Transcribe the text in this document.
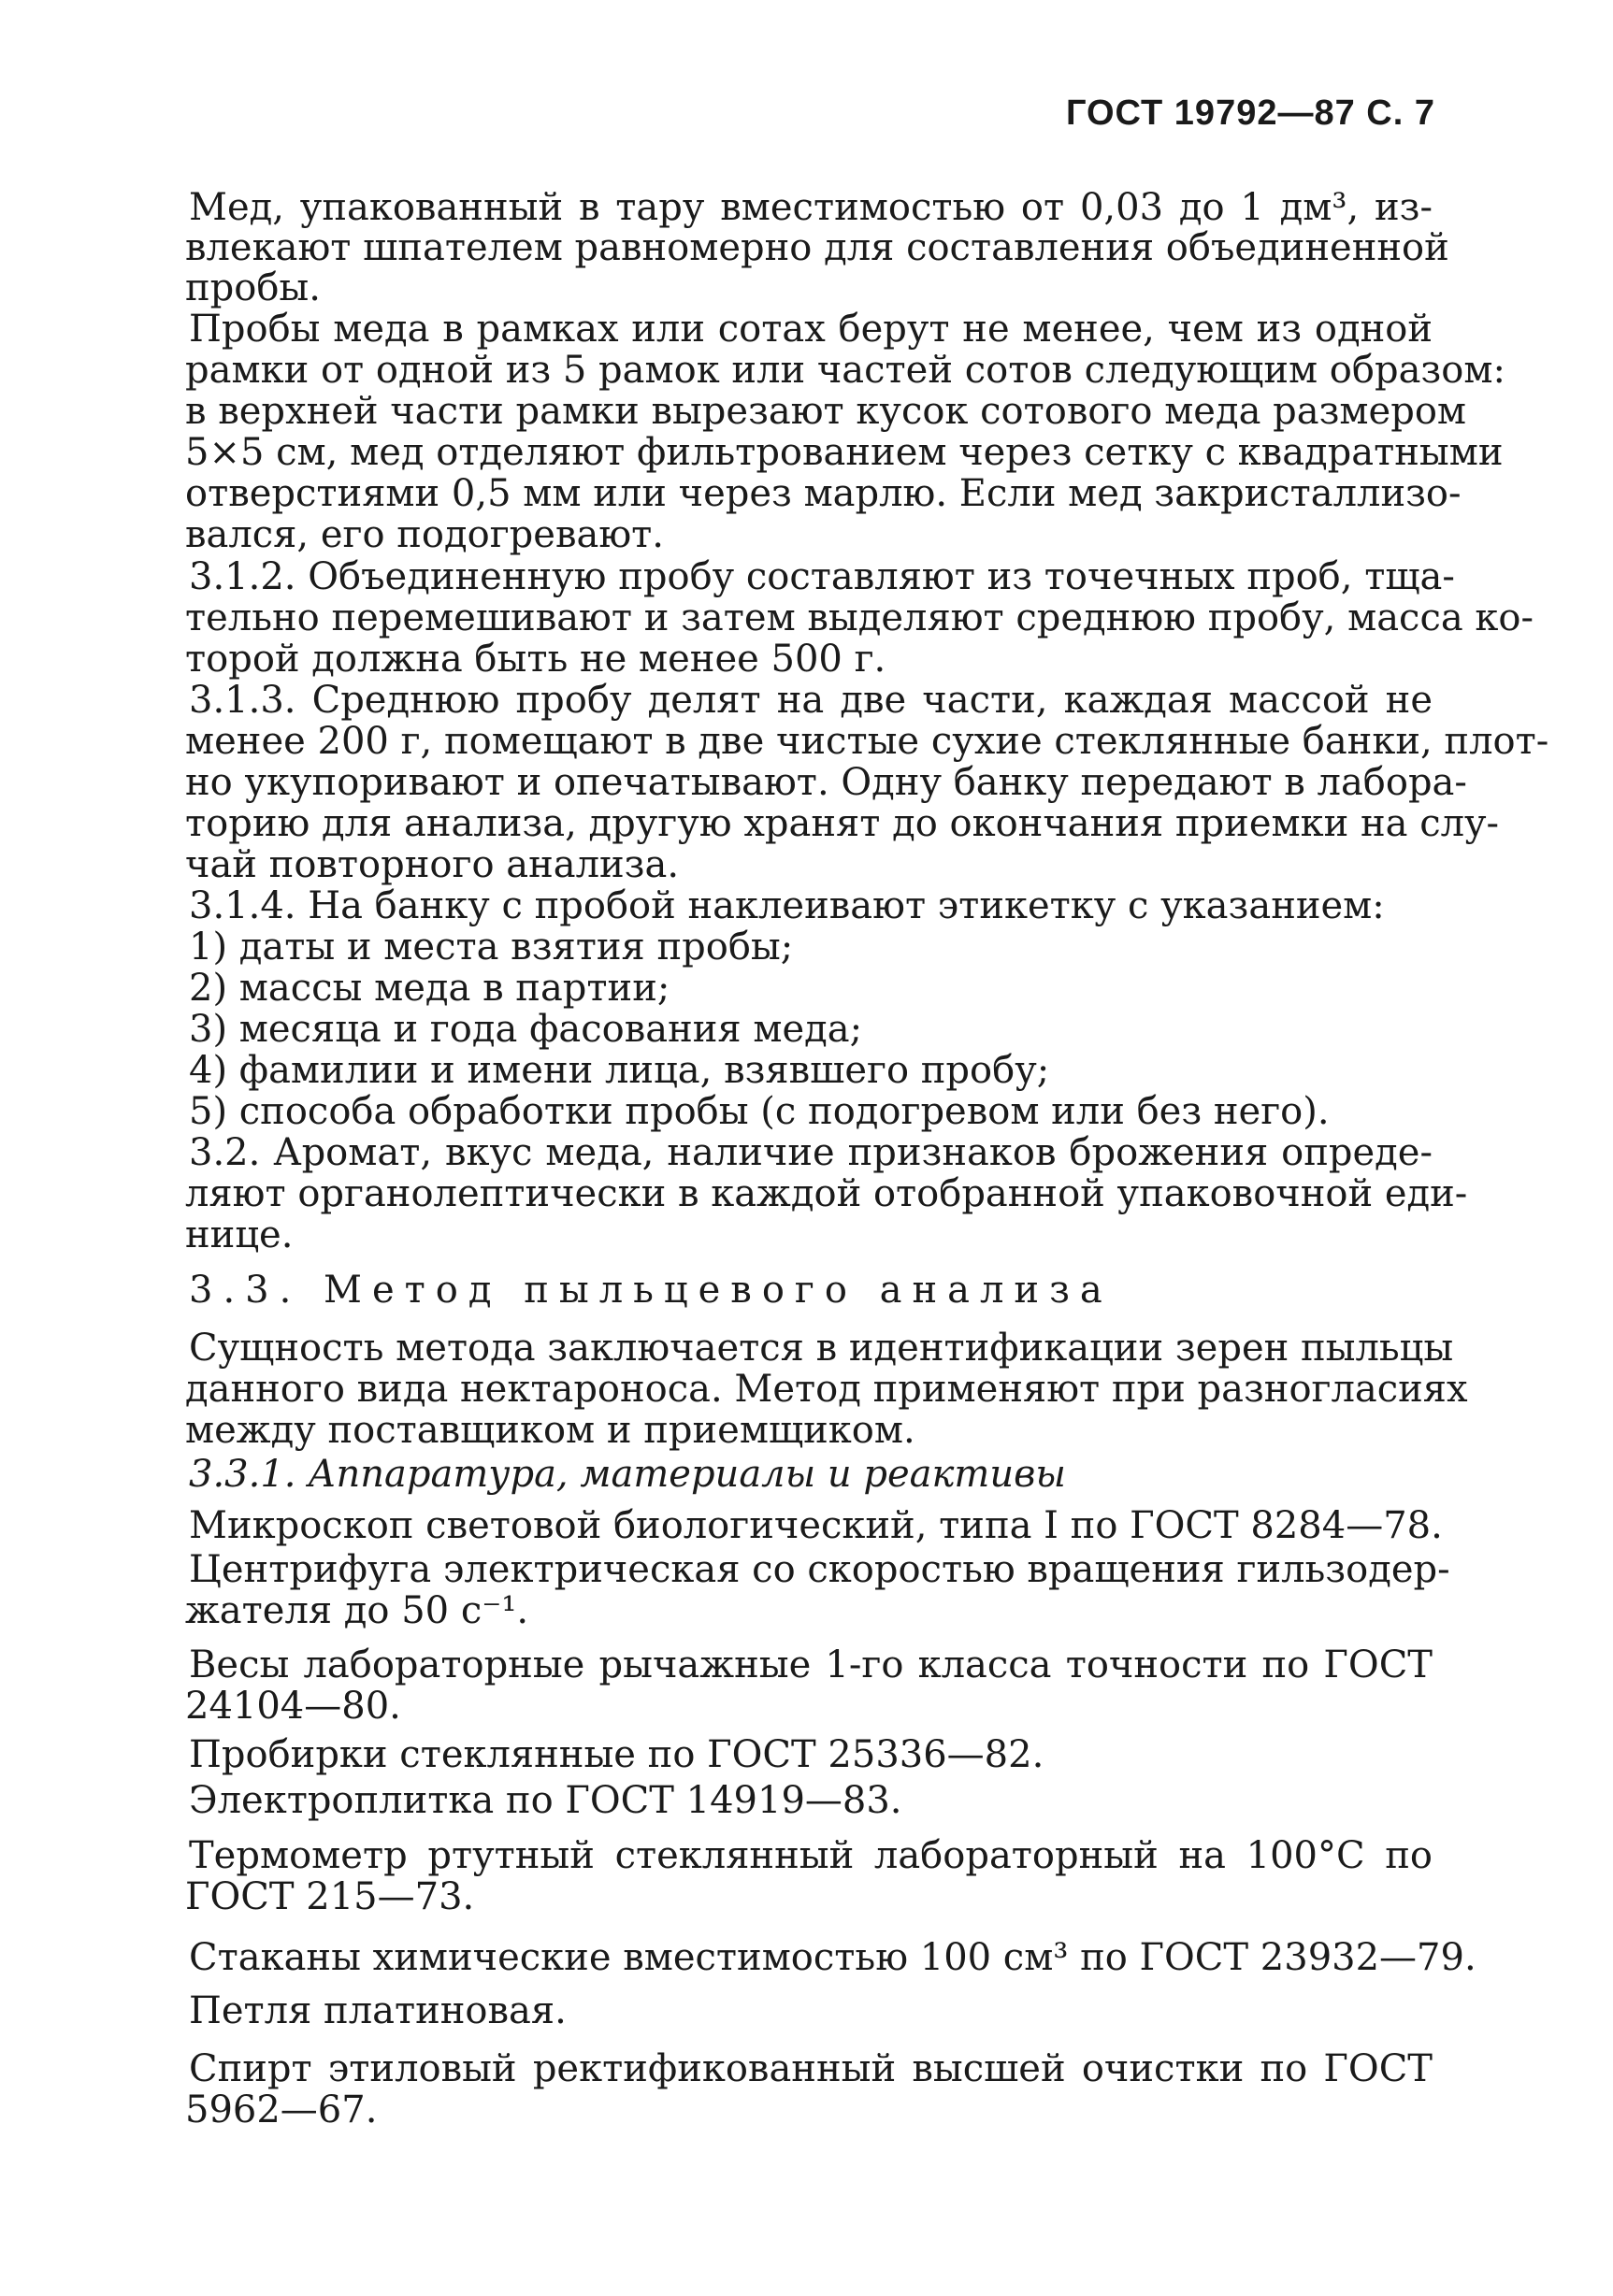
ГОСТ 19792—87 С. 7
Мед, упакованный в тару вместимостью от 0,03 до 1 дм³, из-
влекают шпателем равномерно для составления объединенной
пробы.
Пробы меда в рамках или сотах берут не менее, чем из одной
рамки от одной из 5 рамок или частей сотов следующим образом:
в верхней части рамки вырезают кусок сотового меда размером
5×5 см, мед отделяют фильтрованием через сетку с квадратными
отверстиями 0,5 мм или через марлю. Если мед закристаллизо-
вался, его подогревают.
3.1.2. Объединенную пробу составляют из точечных проб, тща-
тельно перемешивают и затем выделяют среднюю пробу, масса ко-
торой должна быть не менее 500 г.
3.1.3. Среднюю пробу делят на две части, каждая массой не
менее 200 г, помещают в две чистые сухие стеклянные банки, плот-
но укупоривают и опечатывают. Одну банку передают в лабора-
торию для анализа, другую хранят до окончания приемки на слу-
чай повторного анализа.
3.1.4. На банку с пробой наклеивают этикетку с указанием:
1) даты и места взятия пробы;
2) массы меда в партии;
3) месяца и года фасования меда;
4) фамилии и имени лица, взявшего пробу;
5) способа обработки пробы (с подогревом или без него).
3.2. Аромат, вкус меда, наличие признаков брожения опреде-
ляют органолептически в каждой отобранной упаковочной еди-
нице.
3.3. Метод пыльцевого анализа
Сущность метода заключается в идентификации зерен пыльцы
данного вида нектароноса. Метод применяют при разногласиях
между поставщиком и приемщиком.
3.3.1. Аппаратура, материалы и реактивы
Микроскоп световой биологический, типа I по ГОСТ 8284—78.
Центрифуга электрическая со скоростью вращения гильзодер-
жателя до 50 с⁻¹.
Весы лабораторные рычажные 1-го класса точности по ГОСТ
24104—80.
Пробирки стеклянные по ГОСТ 25336—82.
Электроплитка по ГОСТ 14919—83.
Термометр ртутный стеклянный лабораторный на 100°С по
ГОСТ 215—73.
Стаканы химические вместимостью 100 см³ по ГОСТ 23932—79.
Петля платиновая.
Спирт этиловый ректификованный высшей очистки по ГОСТ
5962—67.
